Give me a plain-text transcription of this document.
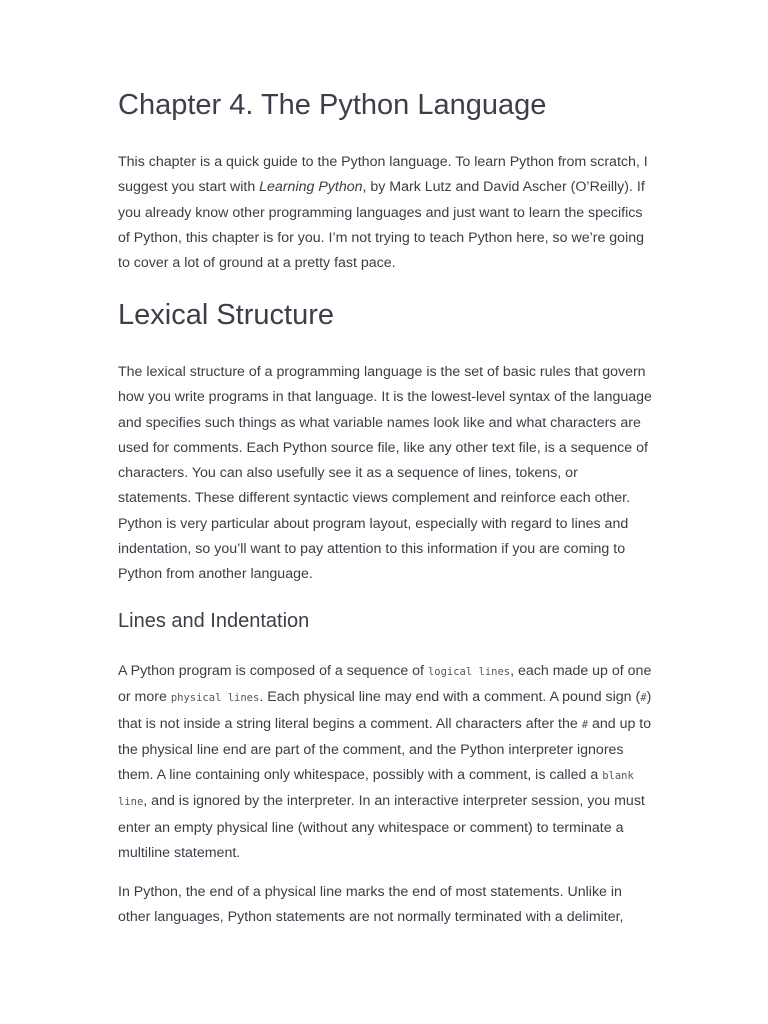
Chapter 4. The Python Language

This chapter is a quick guide to the Python language. To learn Python from scratch, I suggest you start with Learning Python, by Mark Lutz and David Ascher (O’Reilly). If you already know other programming languages and just want to learn the specifics of Python, this chapter is for you. I’m not trying to teach Python here, so we’re going to cover a lot of ground at a pretty fast pace.

Lexical Structure

The lexical structure of a programming language is the set of basic rules that govern how you write programs in that language. It is the lowest-level syntax of the language and specifies such things as what variable names look like and what characters are used for comments. Each Python source file, like any other text file, is a sequence of characters. You can also usefully see it as a sequence of lines, tokens, or statements. These different syntactic views complement and reinforce each other. Python is very particular about program layout, especially with regard to lines and indentation, so you’ll want to pay attention to this information if you are coming to Python from another language.

Lines and Indentation

A Python program is composed of a sequence of logical lines, each made up of one or more physical lines. Each physical line may end with a comment. A pound sign (#) that is not inside a string literal begins a comment. All characters after the # and up to the physical line end are part of the comment, and the Python interpreter ignores them. A line containing only whitespace, possibly with a comment, is called a blank line, and is ignored by the interpreter. In an interactive interpreter session, you must enter an empty physical line (without any whitespace or comment) to terminate a multiline statement.

In Python, the end of a physical line marks the end of most statements. Unlike in other languages, Python statements are not normally terminated with a delimiter,
